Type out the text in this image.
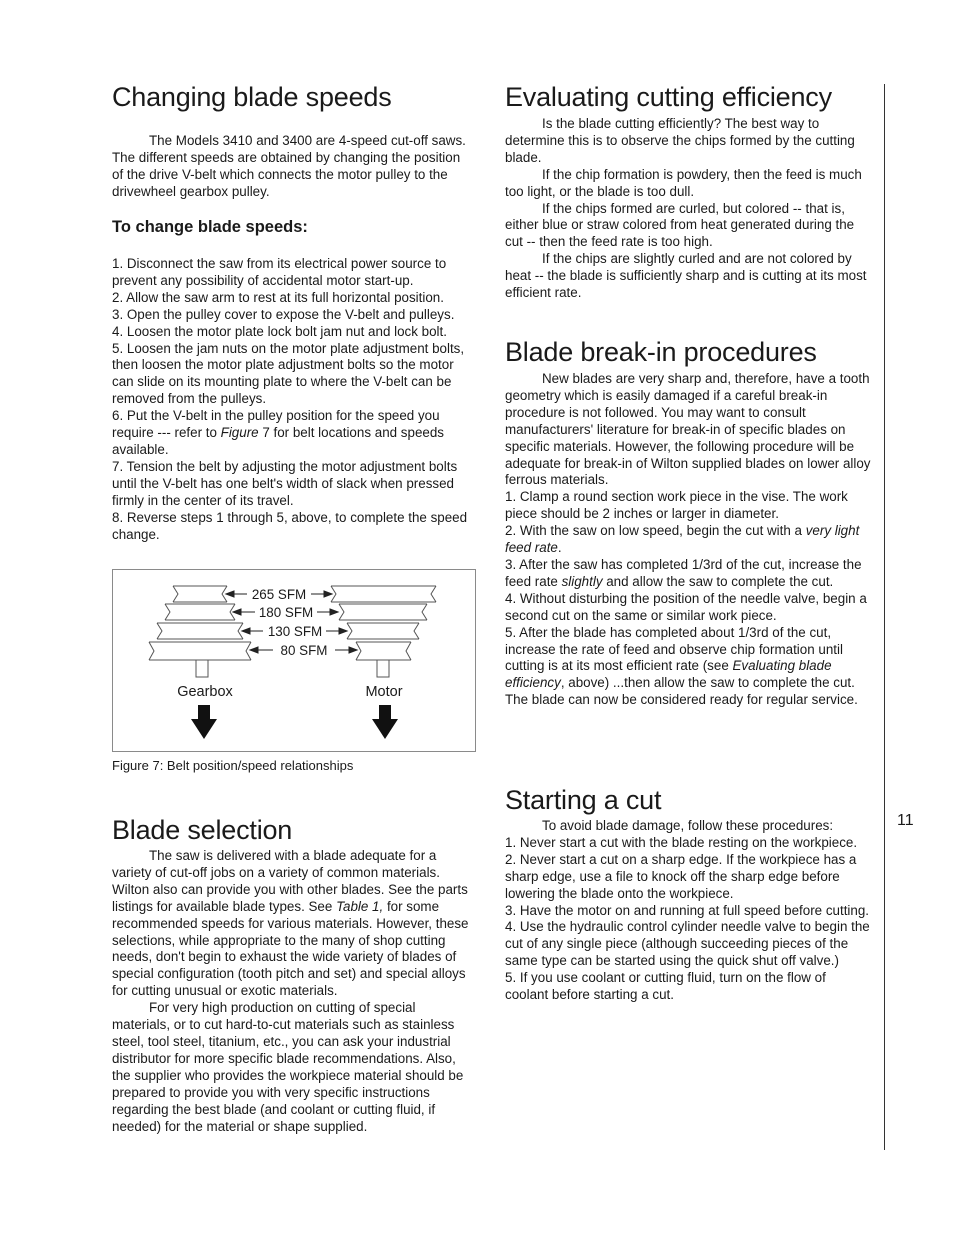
Changing blade speeds

The Models 3410 and 3400 are 4-speed cut-off saws. The different speeds are obtained by changing the position of the drive V-belt which connects the motor pulley to the drivewheel gearbox pulley.

To change blade speeds:

1. Disconnect the saw from its electrical power source to prevent any possibility of accidental motor start-up.

2. Allow the saw arm to rest at its full horizontal position.

3. Open the pulley cover to expose the V-belt and pulleys.

4. Loosen the motor plate lock bolt jam nut and lock bolt.

5. Loosen the jam nuts on the motor plate adjustment bolts, then loosen the motor plate adjustment bolts so the motor can slide on its mounting plate to where the V-belt can be removed from the pulleys.

6. Put the V-belt in the pulley position for the speed you require --- refer to Figure 7 for belt locations and speeds available.

7. Tension the belt by adjusting the motor adjustment bolts until the V-belt has one belt's width of slack when pressed firmly in the center of its travel.

8. Reverse steps 1 through 5, above, to complete the speed change.

Blade selection

The saw is delivered with a blade adequate for a variety of cut-off jobs on a variety of common materials. Wilton also can provide you with other blades. See the parts listings for available blade types. See Table 1, for some recommended speeds for various materials. However, these selections, while appropriate to the many of shop cutting needs, don't begin to exhaust the wide variety of blades of special configuration (tooth pitch and set) and special alloys for cutting unusual or exotic materials.

For very high production on cutting of special materials, or to cut hard-to-cut materials such as stainless steel, tool steel, titanium, etc., you can ask your industrial distributor for more specific blade recommendations. Also, the supplier who provides the workpiece material should be prepared to provide you with very specific instructions regarding the best blade (and coolant or cutting fluid, if needed) for the material or shape supplied.

265 SFM
180 SFM
130 SFM
80 SFM
Gearbox	Motor
Figure 7: Belt position/speed relationships
Evaluating cutting efficiency

Is the blade cutting efficiently? The best way to determine this is to observe the chips formed by the cutting blade.

If the chip formation is powdery, then the feed is much too light, or the blade is too dull.

If the chips formed are curled, but colored -- that is, either blue or straw colored from heat generated during the cut -- then the feed rate is too high.

If the chips are slightly curled and are not colored by heat -- the blade is sufficiently sharp and is cutting at its most efficient rate.

Blade break-in procedures

New blades are very sharp and, therefore, have a tooth geometry which is easily damaged if a careful break-in procedure is not followed. You may want to consult manufacturers' literature for break-in of specific blades on specific materials. However, the following procedure will be adequate for break-in of Wilton supplied blades on lower alloy ferrous materials.

1. Clamp a round section work piece in the vise. The work piece should be 2 inches or larger in diameter.

2. With the saw on low speed, begin the cut with a very light feed rate.

3. After the saw has completed 1/3rd of the cut, increase the feed rate slightly and allow the saw to complete the cut.

4. Without disturbing the position of the needle valve, begin a second cut on the same or similar work piece.

5. After the blade has completed about 1/3rd of the cut, increase the rate of feed and observe chip formation until cutting is at its most efficient rate (see Evaluating blade efficiency, above) ...then allow the saw to complete the cut. The blade can now be considered ready for regular service.

Starting a cut

To avoid blade damage, follow these procedures:

1. Never start a cut with the blade resting on the workpiece.

2. Never start a cut on a sharp edge. If the workpiece has a sharp edge, use a file to knock off the sharp edge before lowering the blade onto the workpiece.

3. Have the motor on and running at full speed before cutting.

4. Use the hydraulic control cylinder needle valve to begin the cut of any single piece (although succeeding pieces of the same type can be started using the quick shut off valve.)

5. If you use coolant or cutting fluid, turn on the flow of coolant before starting a cut.

11
